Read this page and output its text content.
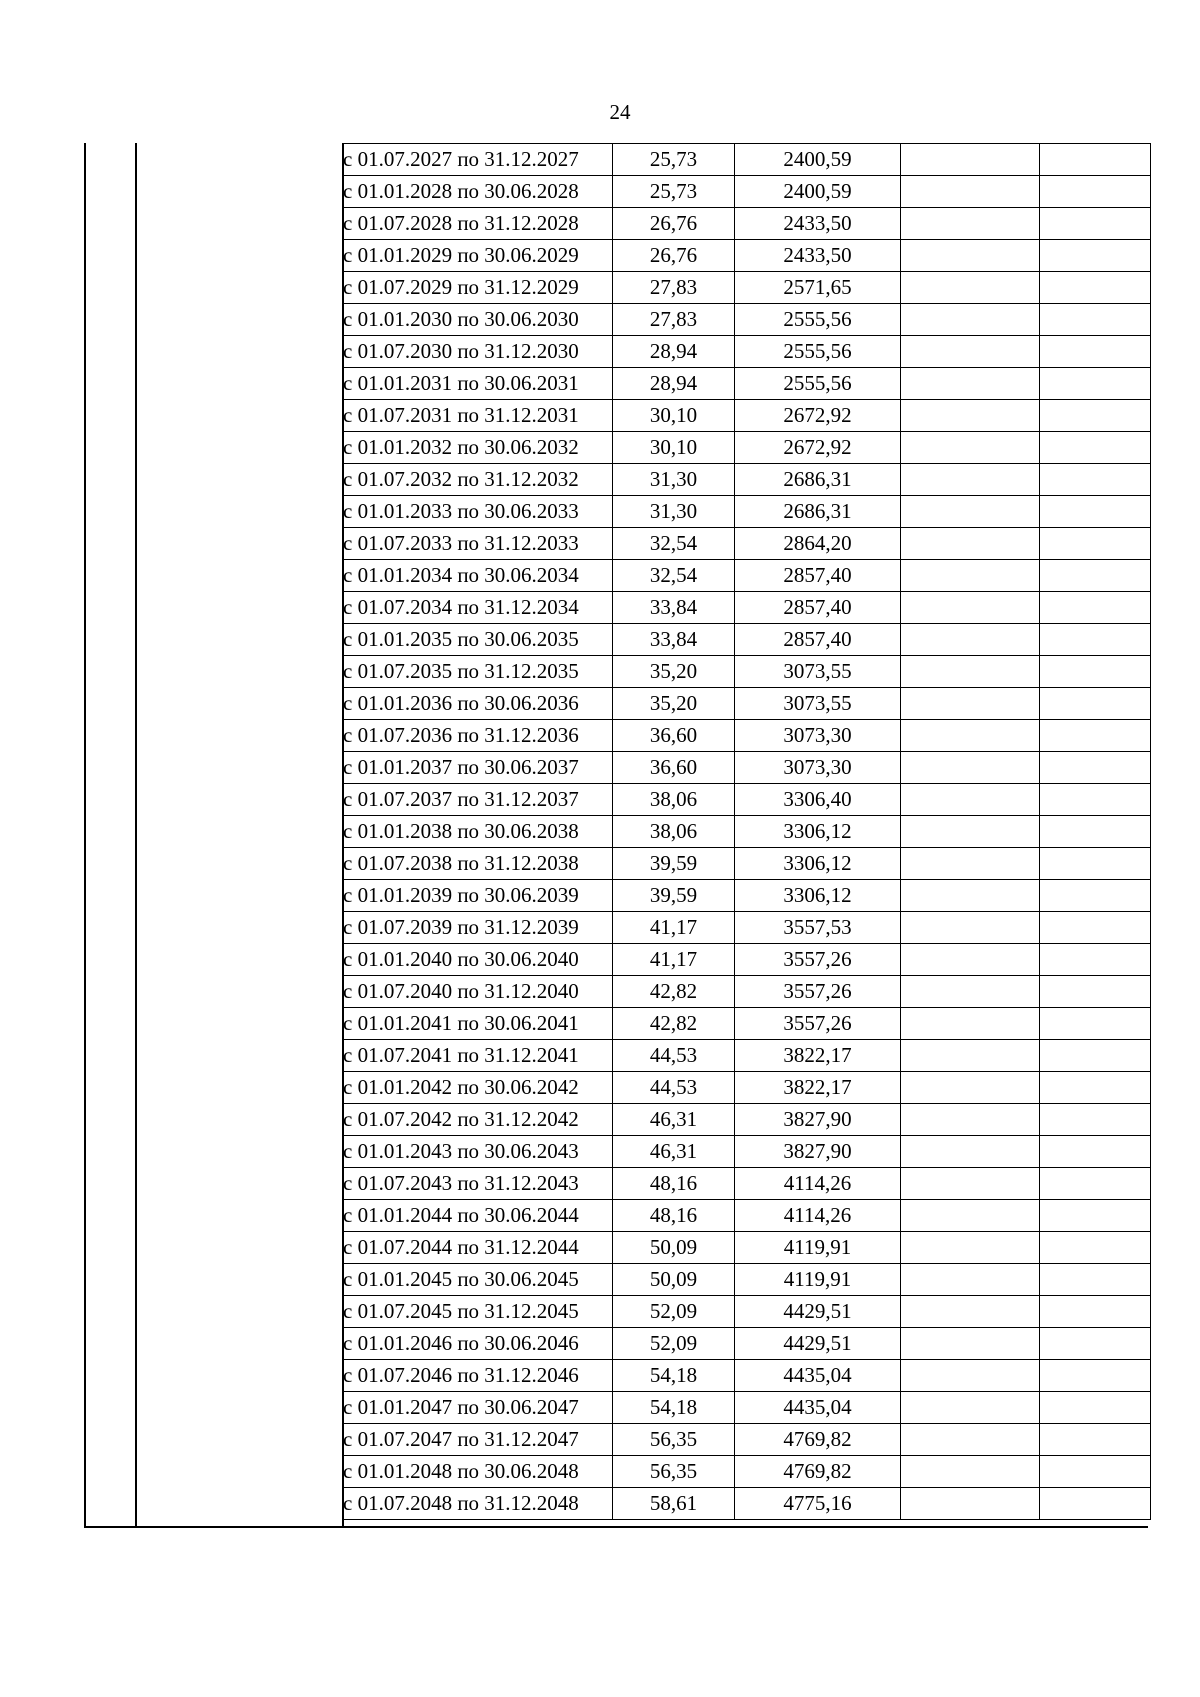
24
с 01.07.2027 по 31.12.2027	25,73	2400,59		
с 01.01.2028 по 30.06.2028	25,73	2400,59		
с 01.07.2028 по 31.12.2028	26,76	2433,50		
с 01.01.2029 по 30.06.2029	26,76	2433,50		
с 01.07.2029 по 31.12.2029	27,83	2571,65		
с 01.01.2030 по 30.06.2030	27,83	2555,56		
с 01.07.2030 по 31.12.2030	28,94	2555,56		
с 01.01.2031 по 30.06.2031	28,94	2555,56		
с 01.07.2031 по 31.12.2031	30,10	2672,92		
с 01.01.2032 по 30.06.2032	30,10	2672,92		
с 01.07.2032 по 31.12.2032	31,30	2686,31		
с 01.01.2033 по 30.06.2033	31,30	2686,31		
с 01.07.2033 по 31.12.2033	32,54	2864,20		
с 01.01.2034 по 30.06.2034	32,54	2857,40		
с 01.07.2034 по 31.12.2034	33,84	2857,40		
с 01.01.2035 по 30.06.2035	33,84	2857,40		
с 01.07.2035 по 31.12.2035	35,20	3073,55		
с 01.01.2036 по 30.06.2036	35,20	3073,55		
с 01.07.2036 по 31.12.2036	36,60	3073,30		
с 01.01.2037 по 30.06.2037	36,60	3073,30		
с 01.07.2037 по 31.12.2037	38,06	3306,40		
с 01.01.2038 по 30.06.2038	38,06	3306,12		
с 01.07.2038 по 31.12.2038	39,59	3306,12		
с 01.01.2039 по 30.06.2039	39,59	3306,12		
с 01.07.2039 по 31.12.2039	41,17	3557,53		
с 01.01.2040 по 30.06.2040	41,17	3557,26		
с 01.07.2040 по 31.12.2040	42,82	3557,26		
с 01.01.2041 по 30.06.2041	42,82	3557,26		
с 01.07.2041 по 31.12.2041	44,53	3822,17		
с 01.01.2042 по 30.06.2042	44,53	3822,17		
с 01.07.2042 по 31.12.2042	46,31	3827,90		
с 01.01.2043 по 30.06.2043	46,31	3827,90		
с 01.07.2043 по 31.12.2043	48,16	4114,26		
с 01.01.2044 по 30.06.2044	48,16	4114,26		
с 01.07.2044 по 31.12.2044	50,09	4119,91		
с 01.01.2045 по 30.06.2045	50,09	4119,91		
с 01.07.2045 по 31.12.2045	52,09	4429,51		
с 01.01.2046 по 30.06.2046	52,09	4429,51		
с 01.07.2046 по 31.12.2046	54,18	4435,04		
с 01.01.2047 по 30.06.2047	54,18	4435,04		
с 01.07.2047 по 31.12.2047	56,35	4769,82		
с 01.01.2048 по 30.06.2048	56,35	4769,82		
с 01.07.2048 по 31.12.2048	58,61	4775,16		
